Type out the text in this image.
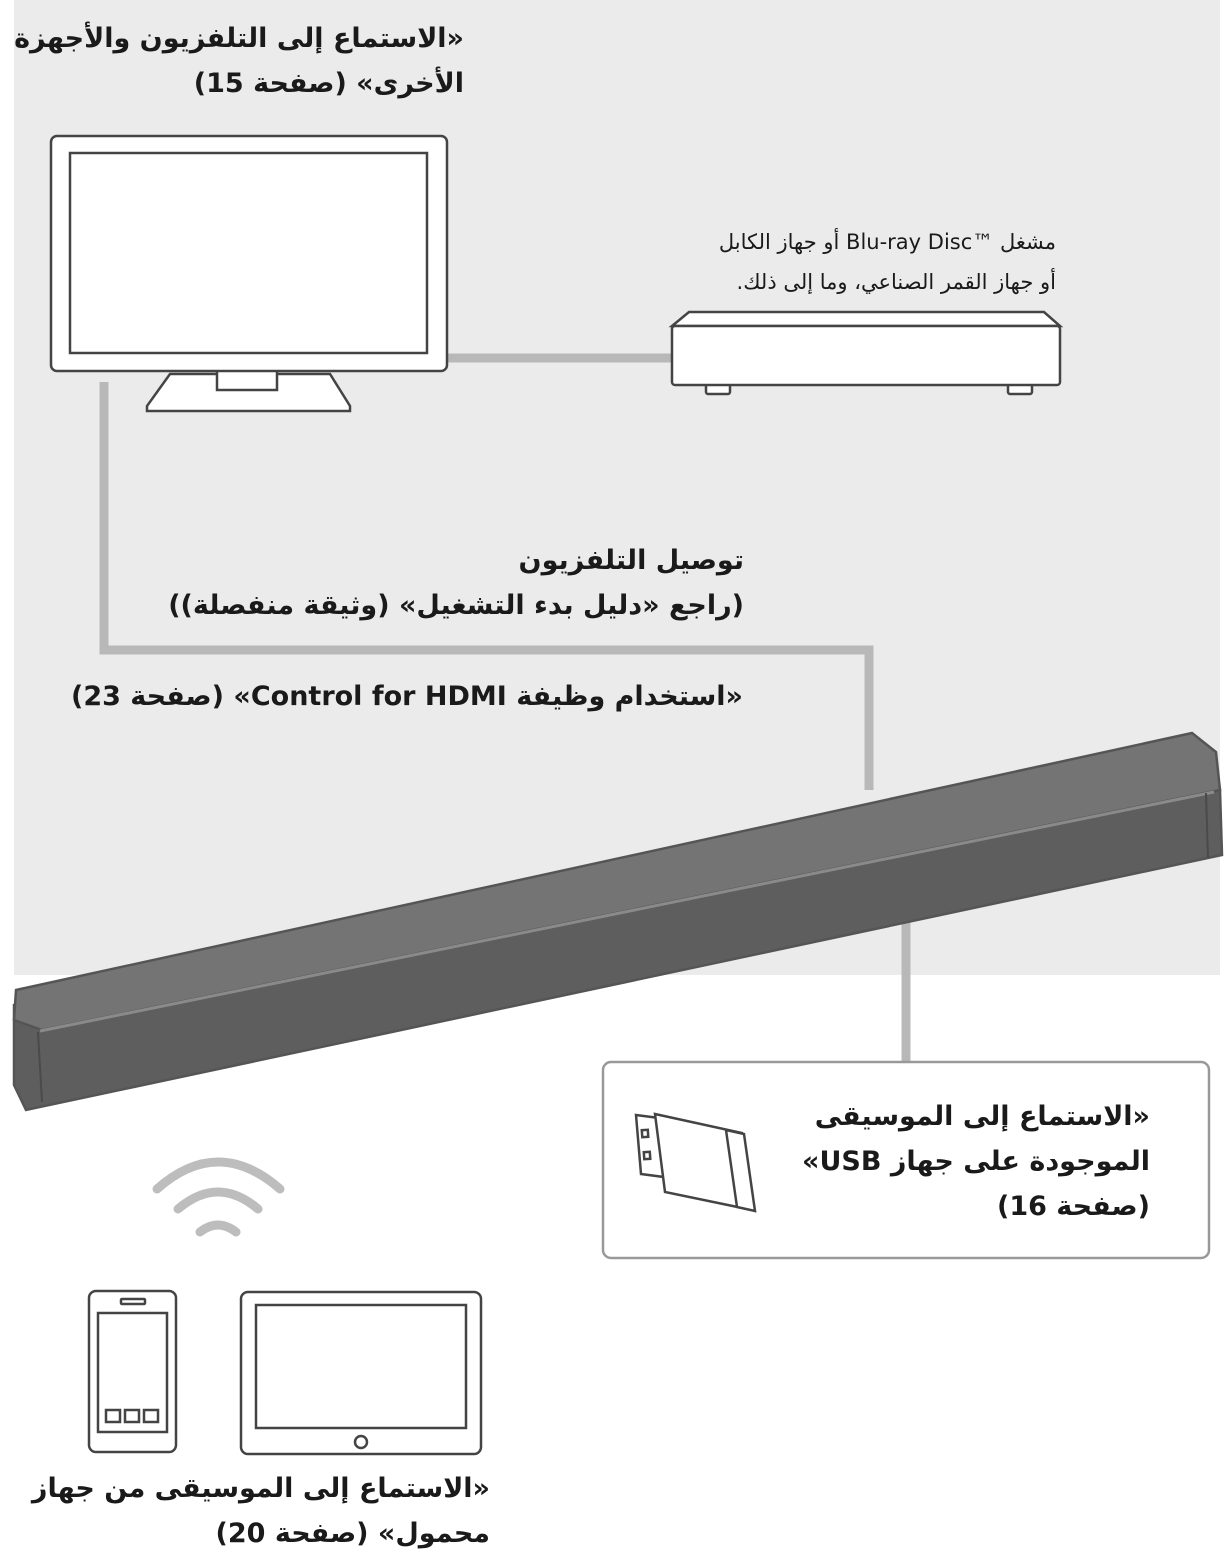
«الاستماع إلى التلفزيون والأجهزة
الأخرى» (صفحة 15)
مشغل Blu-ray Disc™ أو جهاز الكابل
أو جهاز القمر الصناعي، وما إلى ذلك.
توصيل التلفزيون
(راجع «دليل بدء التشغيل» (وثيقة منفصلة))
«استخدام وظيفة Control for HDMI» (صفحة 23)
«الاستماع إلى الموسيقى
الموجودة على جهاز USB»
(صفحة 16)
«الاستماع إلى الموسيقى من جهاز
محمول» (صفحة 20)
